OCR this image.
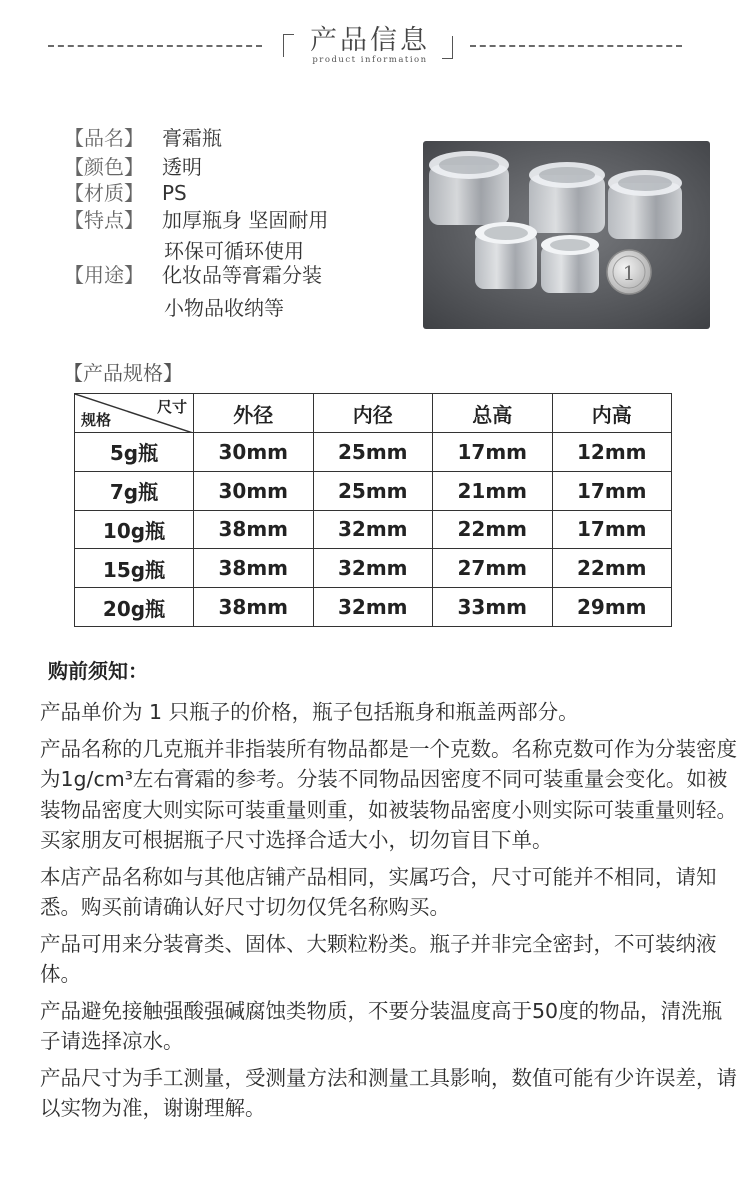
产品信息
product information
【品名】 膏霜瓶
【颜色】 透明
【材质】 PS
【特点】 加厚瓶身 坚固耐用
环保可循环使用
【用途】 化妆品等膏霜分装
小物品收纳等
1
【产品规格】
尺寸
规格	外径	内径	总高	内高
5g瓶	30mm	25mm	17mm	12mm
7g瓶	30mm	25mm	21mm	17mm
10g瓶	38mm	32mm	22mm	17mm
15g瓶	38mm	32mm	27mm	22mm
20g瓶	38mm	32mm	33mm	29mm
购前须知：

产品单价为 1 只瓶子的价格，瓶子包括瓶身和瓶盖两部分。

产品名称的几克瓶并非指装所有物品都是一个克数。名称克数可作为分装密度为1g/cm³左右膏霜的参考。分装不同物品因密度不同可装重量会变化。如被装物品密度大则实际可装重量则重，如被装物品密度小则实际可装重量则轻。买家朋友可根据瓶子尺寸选择合适大小，切勿盲目下单。

本店产品名称如与其他店铺产品相同，实属巧合，尺寸可能并不相同，请知悉。购买前请确认好尺寸切勿仅凭名称购买。

产品可用来分装膏类、固体、大颗粒粉类。瓶子并非完全密封，不可装纳液体。

产品避免接触强酸强碱腐蚀类物质，不要分装温度高于50度的物品，清洗瓶子请选择凉水。

产品尺寸为手工测量，受测量方法和测量工具影响，数值可能有少许误差，请以实物为准，谢谢理解。
